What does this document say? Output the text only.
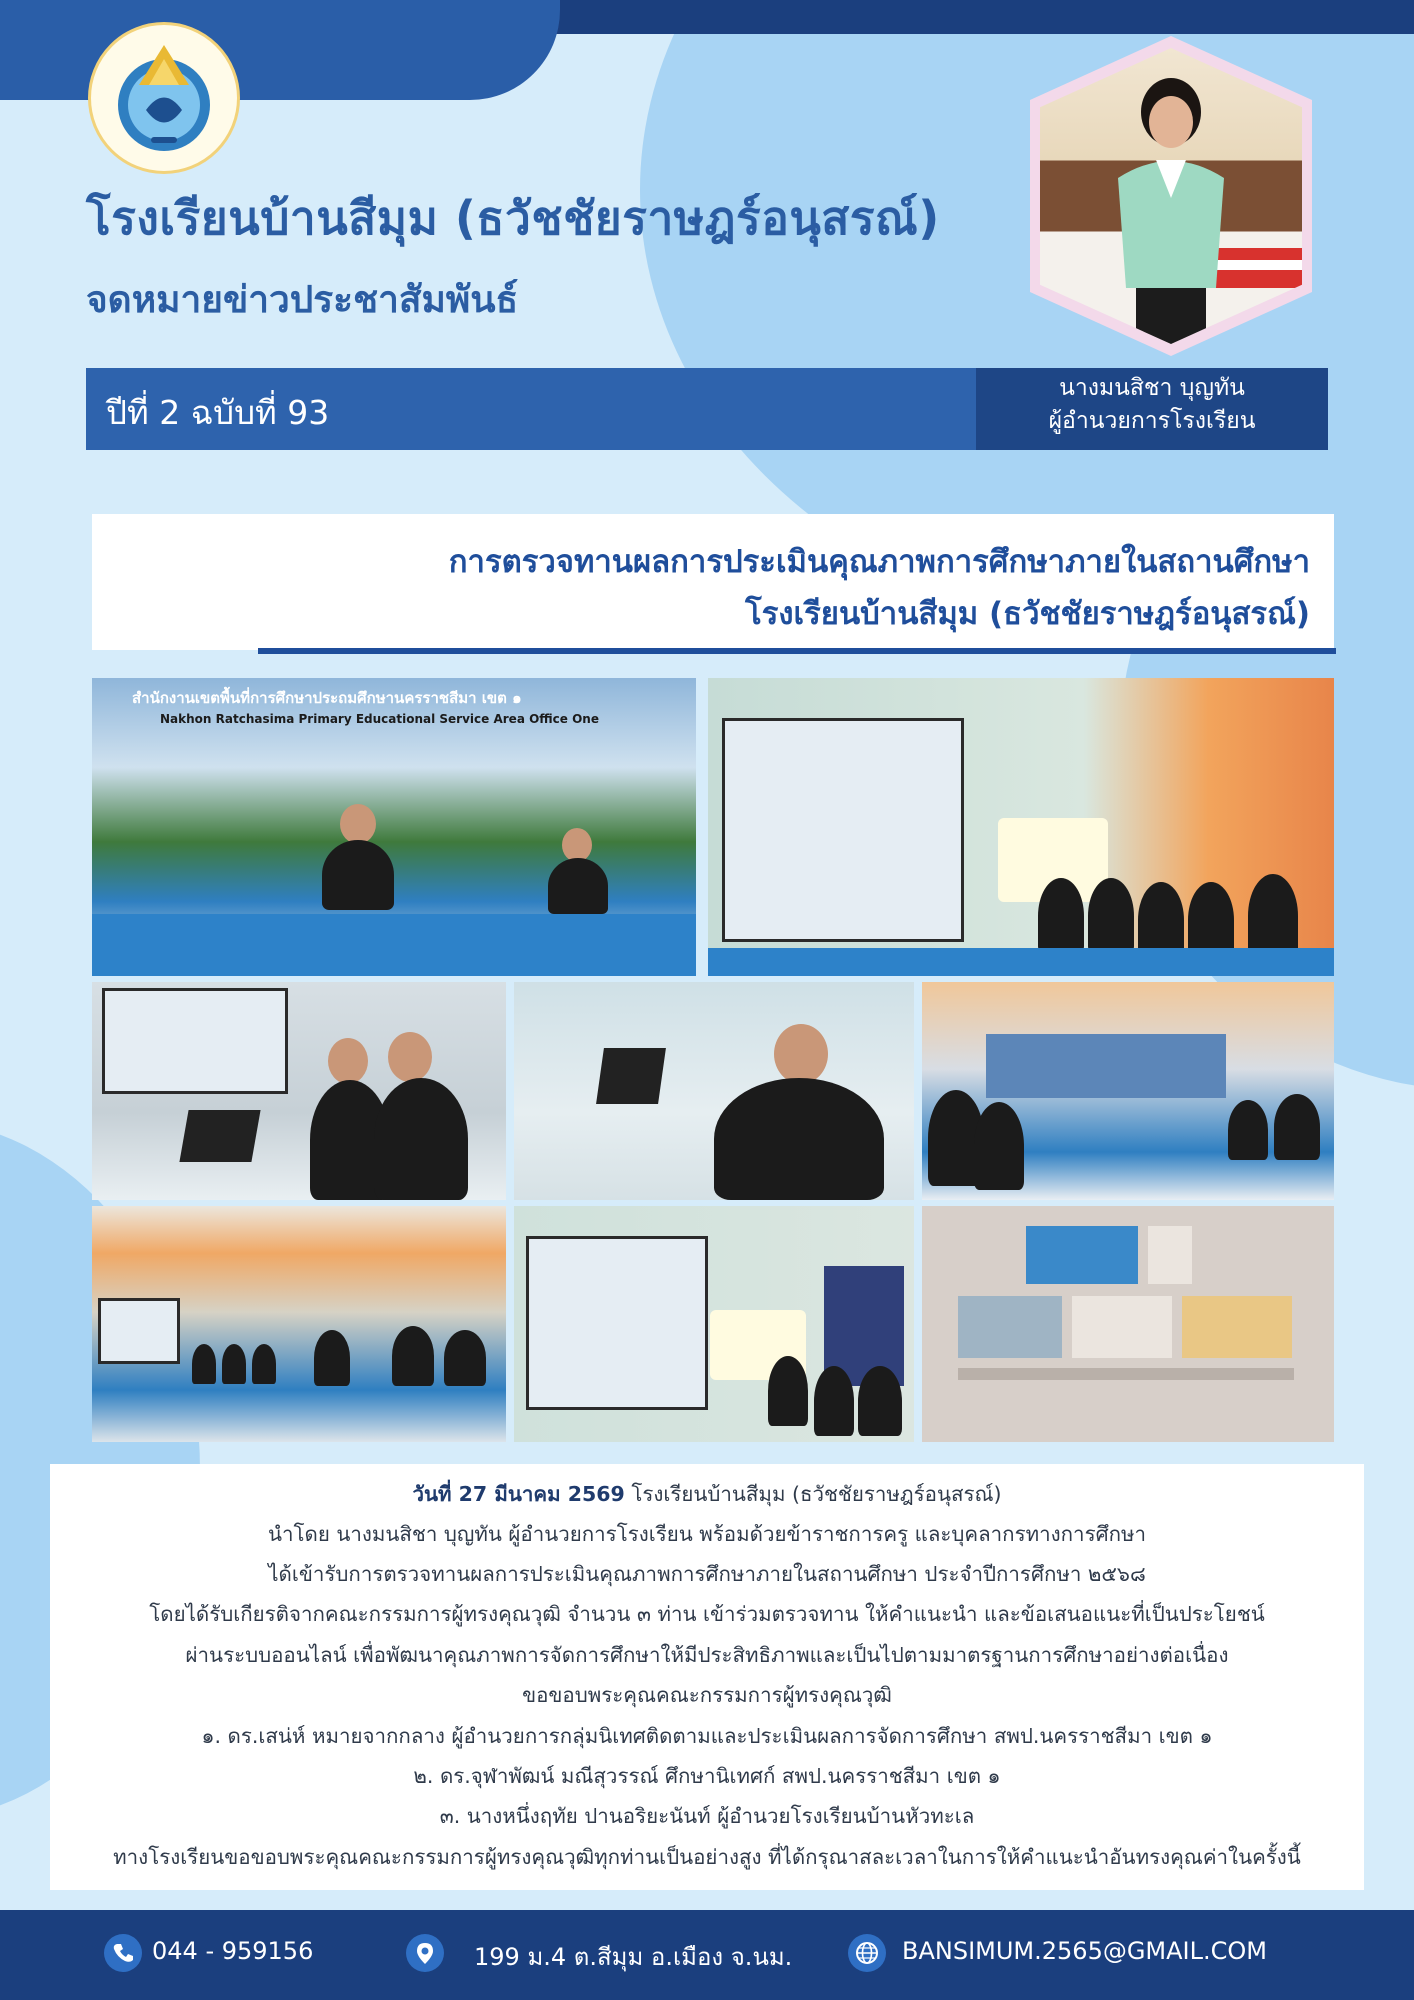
โรงเรียนบ้านสีมุม (ธวัชชัยราษฎร์อนุสรณ์)
จดหมายข่าวประชาสัมพันธ์
ปีที่ 2 ฉบับที่ 93
นางมนสิชา บุญทัน
ผู้อำนวยการโรงเรียน
การตรวจทานผลการประเมินคุณภาพการศึกษาภายในสถานศึกษา
โรงเรียนบ้านสีมุม (ธวัชชัยราษฎร์อนุสรณ์)
สำนักงานเขตพื้นที่การศึกษาประถมศึกษานครราชสีมา เขต ๑
Nakhon Ratchasima Primary Educational Service Area Office One
วันที่ 27 มีนาคม 2569 โรงเรียนบ้านสีมุม (ธวัชชัยราษฎร์อนุสรณ์)
นำโดย นางมนสิชา บุญทัน ผู้อำนวยการโรงเรียน พร้อมด้วยข้าราชการครู และบุคลากรทางการศึกษา
ได้เข้ารับการตรวจทานผลการประเมินคุณภาพการศึกษาภายในสถานศึกษา ประจำปีการศึกษา ๒๕๖๘
โดยได้รับเกียรติจากคณะกรรมการผู้ทรงคุณวุฒิ จำนวน ๓ ท่าน เข้าร่วมตรวจทาน ให้คำแนะนำ และข้อเสนอแนะที่เป็นประโยชน์
ผ่านระบบออนไลน์ เพื่อพัฒนาคุณภาพการจัดการศึกษาให้มีประสิทธิภาพและเป็นไปตามมาตรฐานการศึกษาอย่างต่อเนื่อง
ขอขอบพระคุณคณะกรรมการผู้ทรงคุณวุฒิ
๑. ดร.เสน่ห์ หมายจากกลาง ผู้อำนวยการกลุ่มนิเทศติดตามและประเมินผลการจัดการศึกษา สพป.นครราชสีมา เขต ๑
๒. ดร.จุฬาพัฒน์ มณีสุวรรณ์ ศึกษานิเทศก์ สพป.นครราชสีมา เขต ๑
๓. นางหนึ่งฤทัย ปานอริยะนันท์ ผู้อำนวยโรงเรียนบ้านหัวทะเล
ทางโรงเรียนขอขอบพระคุณคณะกรรมการผู้ทรงคุณวุฒิทุกท่านเป็นอย่างสูง ที่ได้กรุณาสละเวลาในการให้คำแนะนำอันทรงคุณค่าในครั้งนี้
044 - 959156	199 ม.4 ต.สีมุม อ.เมือง จ.นม.	BANSIMUM.2565@GMAIL.COM
